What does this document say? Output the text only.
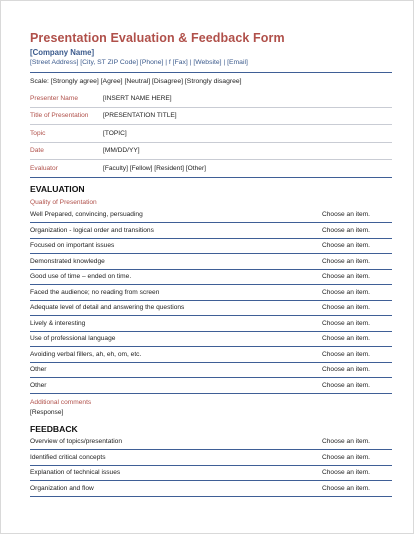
Presentation Evaluation & Feedback Form
[Company Name]
[Street Address] [City, ST ZIP Code] [Phone] | f [Fax] | [Website] | [Email]
Scale: [Strongly agree] [Agree] [Neutral] [Disagree] [Strongly disagree]
Presenter Name	[INSERT NAME HERE]
Title of Presentation	[PRESENTATION TITLE]
Topic	[TOPIC]
Date	[MM/DD/YY]
Evaluator	[Faculty] [Fellow] [Resident] [Other]
EVALUATION
Quality of Presentation
Well Prepared, convincing, persuading	Choose an item.
Organization - logical order and transitions	Choose an item.
Focused on important issues	Choose an item.
Demonstrated knowledge	Choose an item.
Good use of time – ended on time.	Choose an item.
Faced the audience; no reading from screen	Choose an item.
Adequate level of detail and answering the questions	Choose an item.
Lively & interesting	Choose an item.
Use of professional language	Choose an item.
Avoiding verbal fillers, ah, eh, om, etc.	Choose an item.
Other	Choose an item.
Other	Choose an item.
Additional comments
[Response]
FEEDBACK
Overview of topics/presentation	Choose an item.
Identified critical concepts	Choose an item.
Explanation of technical issues	Choose an item.
Organization and flow	Choose an item.
